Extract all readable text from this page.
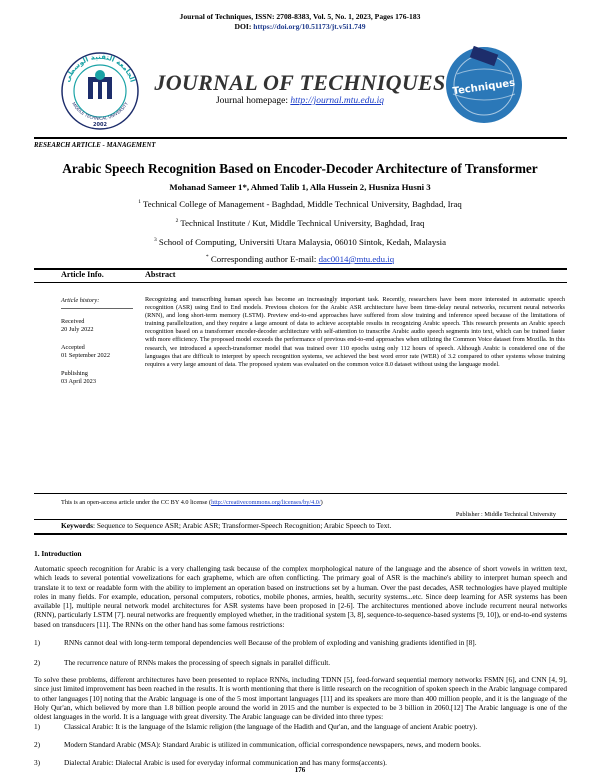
Journal of Techniques, ISSN: 2708-8383, Vol. 5, No. 1, 2023, Pages 176-183
DOI: https://doi.org/10.51173/jt.v5i1.749
الجامعة التقنية الوسطى
MIDDLE TECHNICAL UNIVERSITY
2002
JOURNAL OF TECHNIQUES
Journal homepage: http://journal.mtu.edu.iq
Techniques
RESEARCH ARTICLE - MANAGEMENT
Arabic Speech Recognition Based on Encoder-Decoder Architecture of Transformer
Mohanad Sameer 1*, Ahmed Talib 1, Alla Hussein 2, Husniza Husni 3
$^1$ Technical College of Management - Baghdad, Middle Technical University, Baghdad, Iraq
$^2$ Technical Institute / Kut, Middle Technical University, Baghdad, Iraq
$^3$ School of Computing, Universiti Utara Malaysia, 06010 Sintok, Kedah, Malaysia
* Corresponding author E-mail: dac0014@mtu.edu.iq
Article Info.	Abstract
Article history:
Received
20 July 2022
Accepted
01 September 2022
Publishing
03 April 2023
Recognizing and transcribing human speech has become an increasingly important task. Recently, researchers have been more interested in automatic speech recognition (ASR) using End to End models. Previous choices for the Arabic ASR architecture have been time-delay neural networks, recurrent neural networks (RNN), and long short-term memory (LSTM). Preview end-to-end approaches have suffered from slow training and inference speed because of the limitations of training parallelization, and they require a large amount of data to achieve acceptable results in recognizing Arabic speech. This research presents an Arabic speech recognition based on a transformer encoder-decoder architecture with self-attention to transcribe Arabic audio speech segments into text, which can be trained faster with more efficiency. The proposed model exceeds the performance of previous end-to-end approaches when utilizing the Common Voice dataset from Mozilla. In this research, we introduced a speech-transformer model that was trained over 110 epochs using only 112 hours of speech. Although Arabic is considered one of the languages that are difficult to interpret by speech recognition systems, we achieved the best word error rate (WER) of 3.2 compared to other systems whose training requires a very large amount of data. The proposed system was evaluated on the common voice 8.0 dataset without using the language model.
This is an open-access article under the CC BY 4.0 license (http://creativecommons.org/licenses/by/4.0/)
Publisher : Middle Technical University
Keywords: Sequence to Sequence ASR; Arabic ASR; Transformer-Speech Recognition; Arabic Speech to Text.
1. Introduction
Automatic speech recognition for Arabic is a very challenging task because of the complex morphological nature of the language and the absence of short vowels in written text, which leads to several potential vowelizations for each grapheme, which are often conflicting. The primary goal of ASR is the machine's ability to interpret human speech and translate it to text or readable form with the ability to implement an operation based on instructions set by a human. Over the past decades, ASR technologies have played multiple roles in many fields. For example, education, personal computers, robotics, mobile phones, armies, health, security systems...etc. Since deep learning for ASR systems has been available [1], multiple neural network model architectures for ASR systems have been proposed in [2-6]. The architectures mentioned above include recurrent neural networks (RNN), particularly LSTM [7]. neural networks are frequently employed whether, in the traditional system [3, 8], sequence-to-sequence-based systems [9, 10]), or end-to-end systems based on transducers [11]. The RNNs on the other hand has some famous restrictions:
1)	RNNs cannot deal with long-term temporal dependencies well Because of the problem of exploding and vanishing gradients identified in [8].
2)	The recurrence nature of RNNs makes the processing of speech signals in parallel difficult.
To solve these problems, different architectures have been presented to replace RNNs, including TDNN [5], feed-forward sequential memory networks FSMN [6], and CNN [4, 9], since just limited improvement has been reached in the results. It is worth mentioning that there is little research on the recognition of spoken speech in the Arabic language compared to other languages [10] noting that the Arabic language is one of the 5 most important languages [11] and its speakers are more than 400 million people, and it is the language of the Holy Qur'an, which believed by more than 1.8 billion people around the world in 2015 and the number is expected to be 3 billion in 2060.[12] The Arabic language is one of the oldest languages in the world. It is a language with great diversity. The Arabic language can be divided into three types:
1)	Classical Arabic: It is the language of the Islamic religion (the language of the Hadith and Qur'an, and the language of ancient Arabic poetry).
176
2)	Modern Standard Arabic (MSA): Standard Arabic is utilized in communication, official correspondence newspapers, news, and modern books.
3)	Dialectal Arabic: Dialectal Arabic is used for everyday informal communication and has many forms(accents).
